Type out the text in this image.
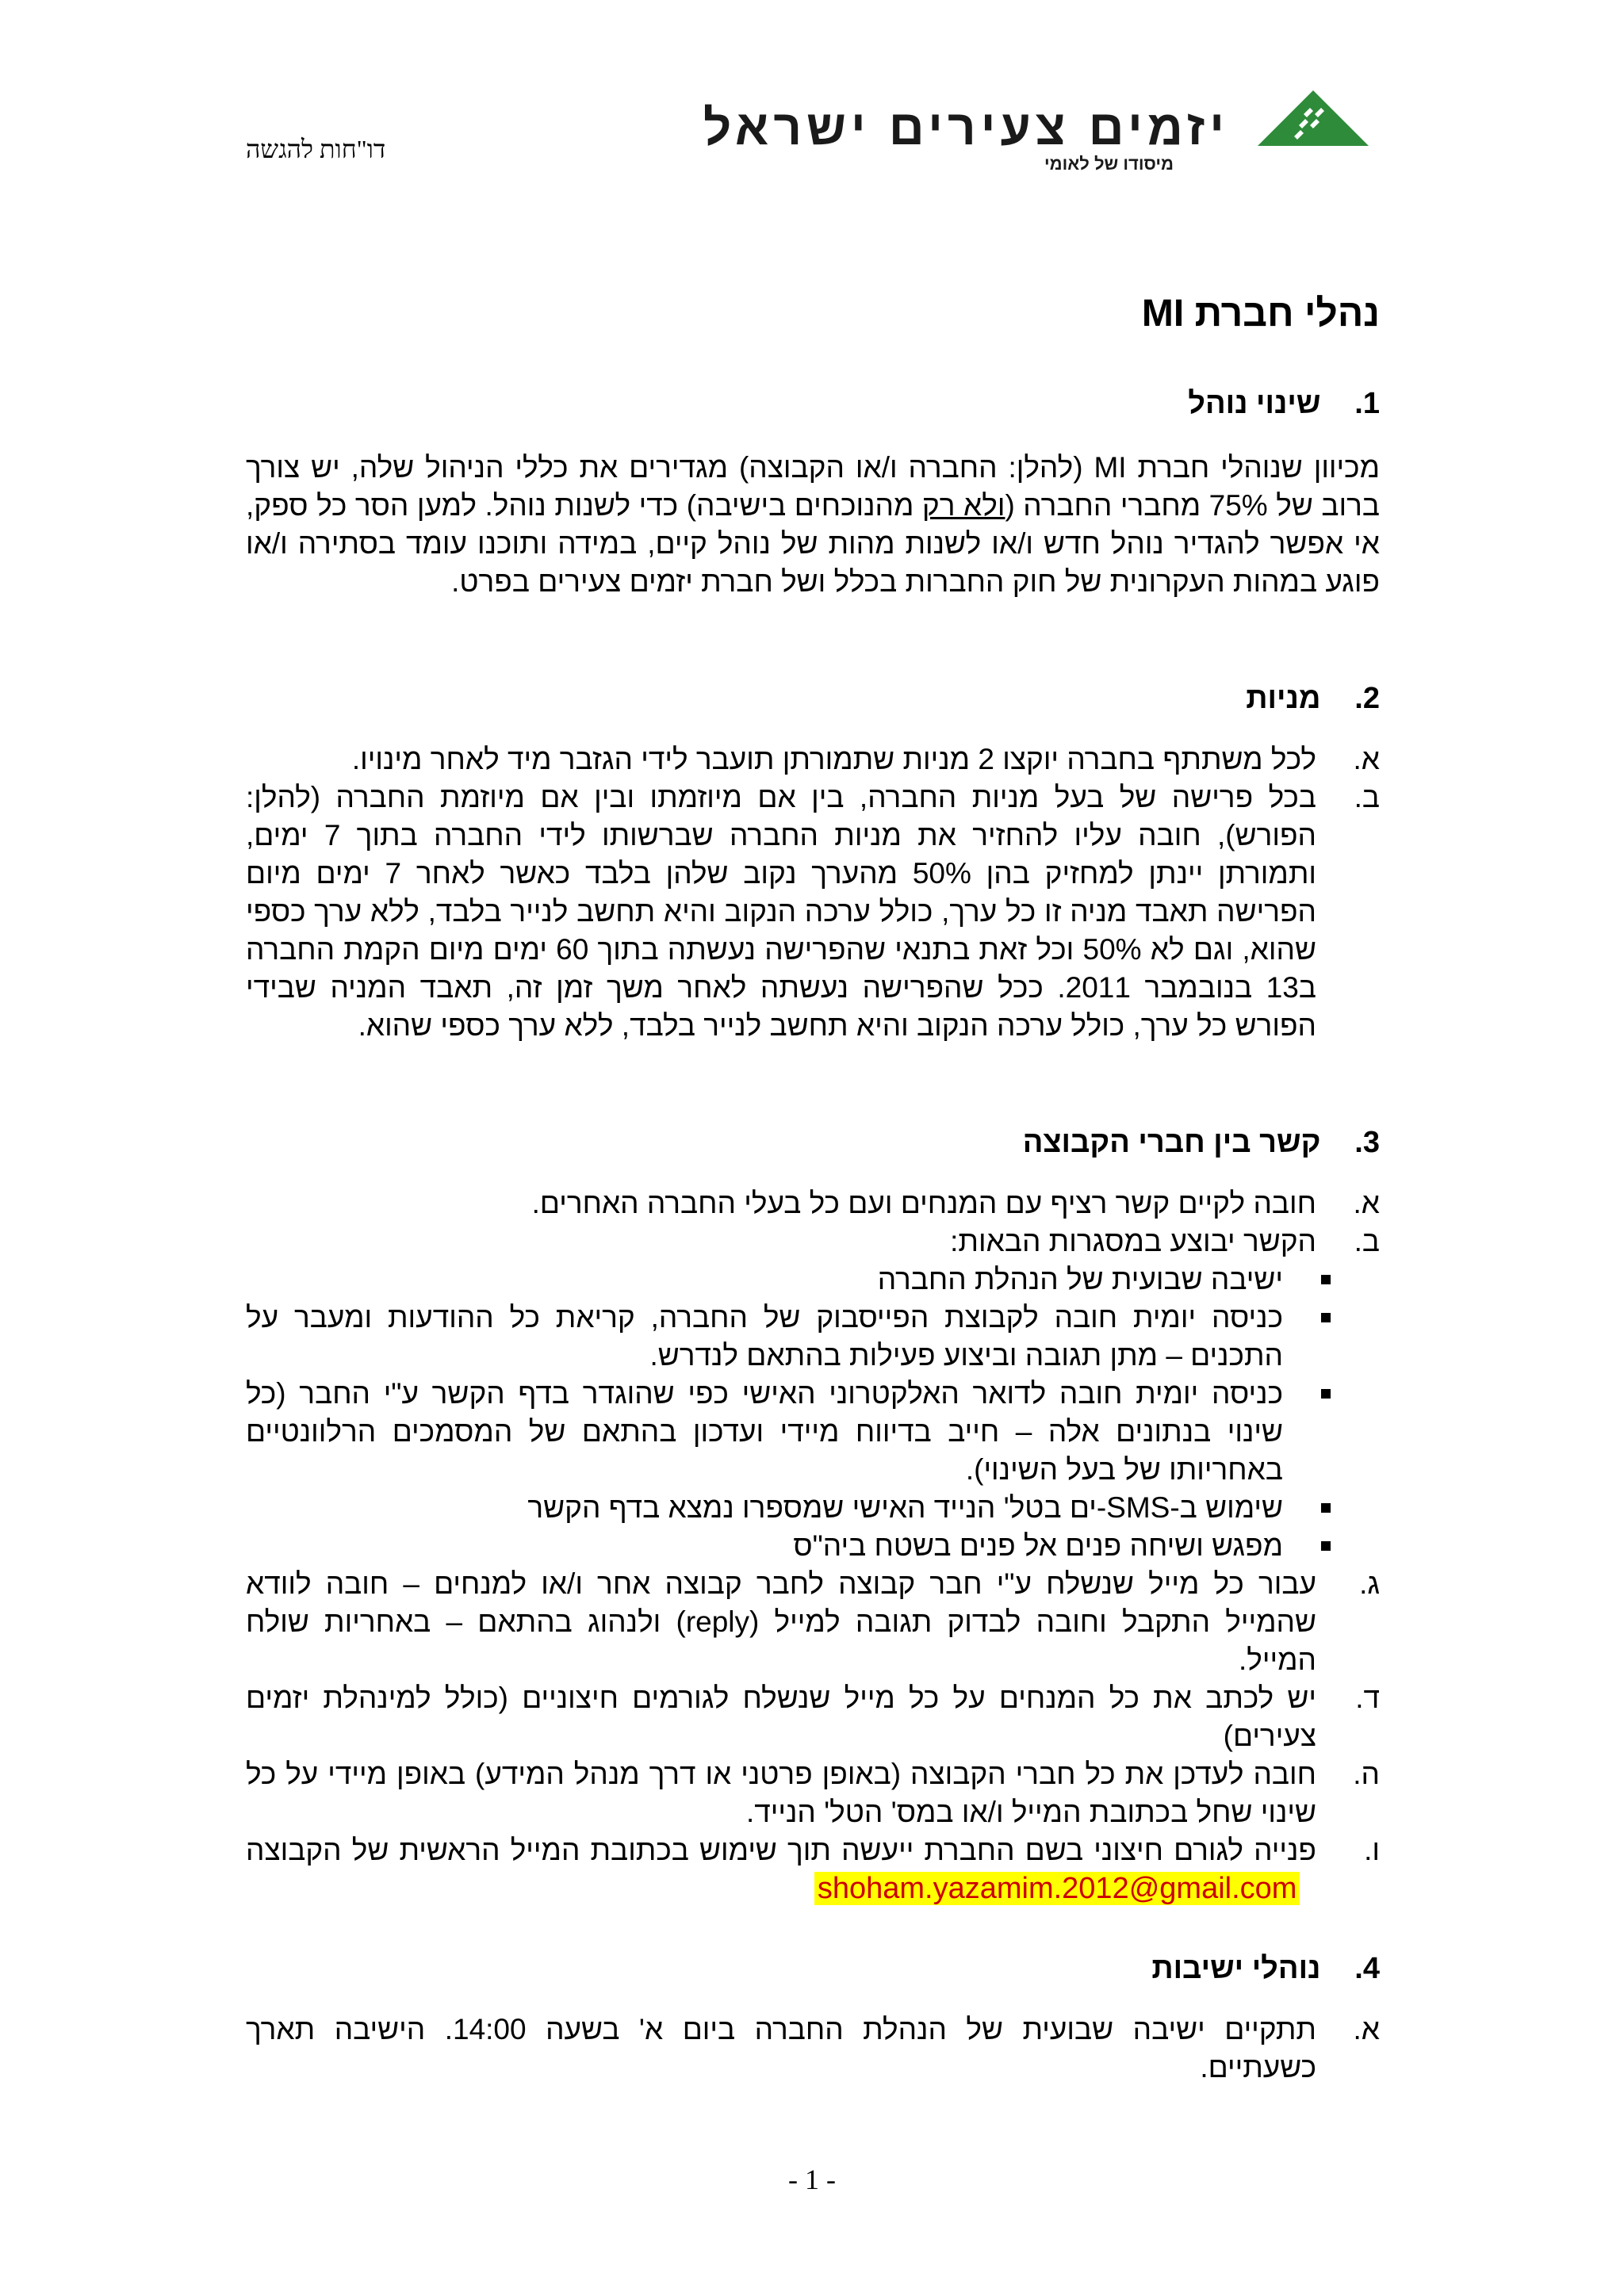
יזמים צעירים ישראל
מיסודו של לאומי
דו"חות להגשה
נהלי חברת MI
1. שינוי נוהל

מכיוון שנוהלי חברת MI (להלן: החברה ו/או הקבוצה) מגדירים את כללי הניהול שלה, יש צורך ברוב של 75% מחברי החברה (ולא רק מהנוכחים בישיבה) כדי לשנות נוהל. למען הסר כל ספק, אי אפשר להגדיר נוהל חדש ו/או לשנות מהות של נוהל קיים, במידה ותוכנו עומד בסתירה ו/או פוגע במהות העקרונית של חוק החברות בכלל ושל חברת יזמים צעירים בפרט.

2. מניות
א.
לכל משתתף בחברה יוקצו 2 מניות שתמורתן תועבר לידי הגזבר מיד לאחר מינויו.
ב.
בכל פרישה של בעל מניות החברה, בין אם מיוזמתו ובין אם מיוזמת החברה (להלן: הפורש), חובה עליו להחזיר את מניות החברה שברשותו לידי החברה בתוך 7 ימים, ותמורתן יינתן למחזיק בהן 50% מהערך נקוב שלהן בלבד כאשר לאחר 7 ימים מיום הפרישה תאבד מניה זו כל ערך, כולל ערכה הנקוב והיא תחשב לנייר בלבד, ללא ערך כספי שהוא, וגם לא 50% וכל זאת בתנאי שהפרישה נעשתה בתוך 60 ימים מיום הקמת החברה ב13 בנובמבר 2011. ככל שהפרישה נעשתה לאחר משך זמן זה, תאבד המניה שבידי הפורש כל ערך, כולל ערכה הנקוב והיא תחשב לנייר בלבד, ללא ערך כספי שהוא.
3. קשר בין חברי הקבוצה
א.
חובה לקיים קשר רציף עם המנחים ועם כל בעלי החברה האחרים.
ב.
הקשר יבוצע במסגרות הבאות:
ישיבה שבועית של הנהלת החברה
כניסה יומית חובה לקבוצת הפייסבוק של החברה, קריאת כל ההודעות ומעבר על התכנים – מתן תגובה וביצוע פעילות בהתאם לנדרש.
כניסה יומית חובה לדואר האלקטרוני האישי כפי שהוגדר בדף הקשר ע"י החבר (כל שינוי בנתונים אלה – חייב בדיווח מיידי ועדכון בהתאם של המסמכים הרלוונטיים באחריותו של בעל השינוי).
שימוש ב-SMS-ים בטל' הנייד האישי שמספרו נמצא בדף הקשר
מפגש ושיחה פנים אל פנים בשטח ביה"ס
ג.
עבור כל מייל שנשלח ע"י חבר קבוצה לחבר קבוצה אחר ו/או למנחים – חובה לוודא שהמייל התקבל וחובה לבדוק תגובה למייל (reply) ולנהוג בהתאם – באחריות שולח המייל.
ד.
יש לכתב את כל המנחים על כל מייל שנשלח לגורמים חיצוניים (כולל למינהלת יזמים צעירים)
ה.
חובה לעדכן את כל חברי הקבוצה (באופן פרטני או דרך מנהל המידע) באופן מיידי על כל שינוי שחל בכתובת המייל ו/או במס' הטל' הנייד.
ו.
פנייה לגורם חיצוני בשם החברת ייעשה תוך שימוש בכתובת המייל הראשית של הקבוצה   shoham.yazamim.2012@gmail.com
4. נוהלי ישיבות
א.
תתקיים ישיבה שבועית של הנהלת החברה ביום א' בשעה 14:00. הישיבה תארך כשעתיים.
- 1 -
